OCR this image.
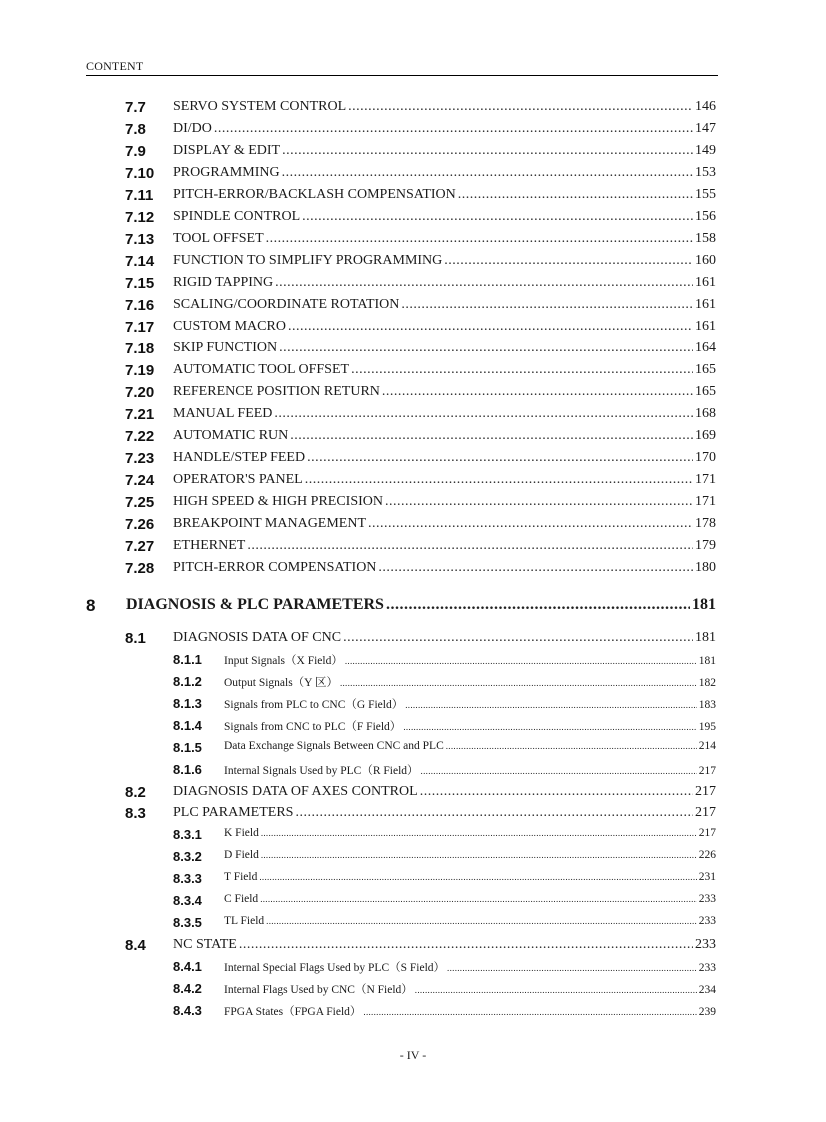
CONTENT
7.7 SERVO SYSTEM CONTROL .....	146
7.8 DI/DO .....	147
7.9 DISPLAY & EDIT .....	149
7.10 PROGRAMMING .....	153
7.11 PITCH-ERROR/BACKLASH COMPENSATION .....	155
7.12 SPINDLE CONTROL .....	156
7.13 TOOL OFFSET .....	158
7.14 FUNCTION TO SIMPLIFY PROGRAMMING .....	160
7.15 RIGID TAPPING .....	161
7.16 SCALING/COORDINATE ROTATION .....	161
7.17 CUSTOM MACRO .....	161
7.18 SKIP FUNCTION .....	164
7.19 AUTOMATIC TOOL OFFSET .....	165
7.20 REFERENCE POSITION RETURN .....	165
7.21 MANUAL FEED .....	168
7.22 AUTOMATIC RUN .....	169
7.23 HANDLE/STEP FEED .....	170
7.24 OPERATOR'S PANEL .....	171
7.25 HIGH SPEED & HIGH PRECISION .....	171
7.26 BREAKPOINT MANAGEMENT .....	178
7.27 ETHERNET .....	179
7.28 PITCH-ERROR COMPENSATION .....	180
8 DIAGNOSIS & PLC PARAMETERS .....	181
8.1 DIAGNOSIS DATA OF CNC .....	181
8.1.1 Input Signals（X Field） .....	181
8.1.2 Output Signals（Y 区） .....	182
8.1.3 Signals from PLC to CNC（G Field） .....	183
8.1.4 Signals from CNC to PLC（F Field） .....	195
8.1.5 Data Exchange Signals Between CNC and PLC .....	214
8.1.6 Internal Signals Used by PLC（R Field） .....	217
8.2 DIAGNOSIS DATA OF AXES CONTROL .....	217
8.3 PLC PARAMETERS .....	217
8.3.1 K Field .....	217
8.3.2 D Field .....	226
8.3.3 T Field .....	231
8.3.4 C Field .....	233
8.3.5 TL Field .....	233
8.4 NC STATE .....	233
8.4.1 Internal Special Flags Used by PLC（S Field） .....	233
8.4.2 Internal Flags Used by CNC（N Field） .....	234
8.4.3 FPGA States（FPGA Field） .....	239
- IV -
